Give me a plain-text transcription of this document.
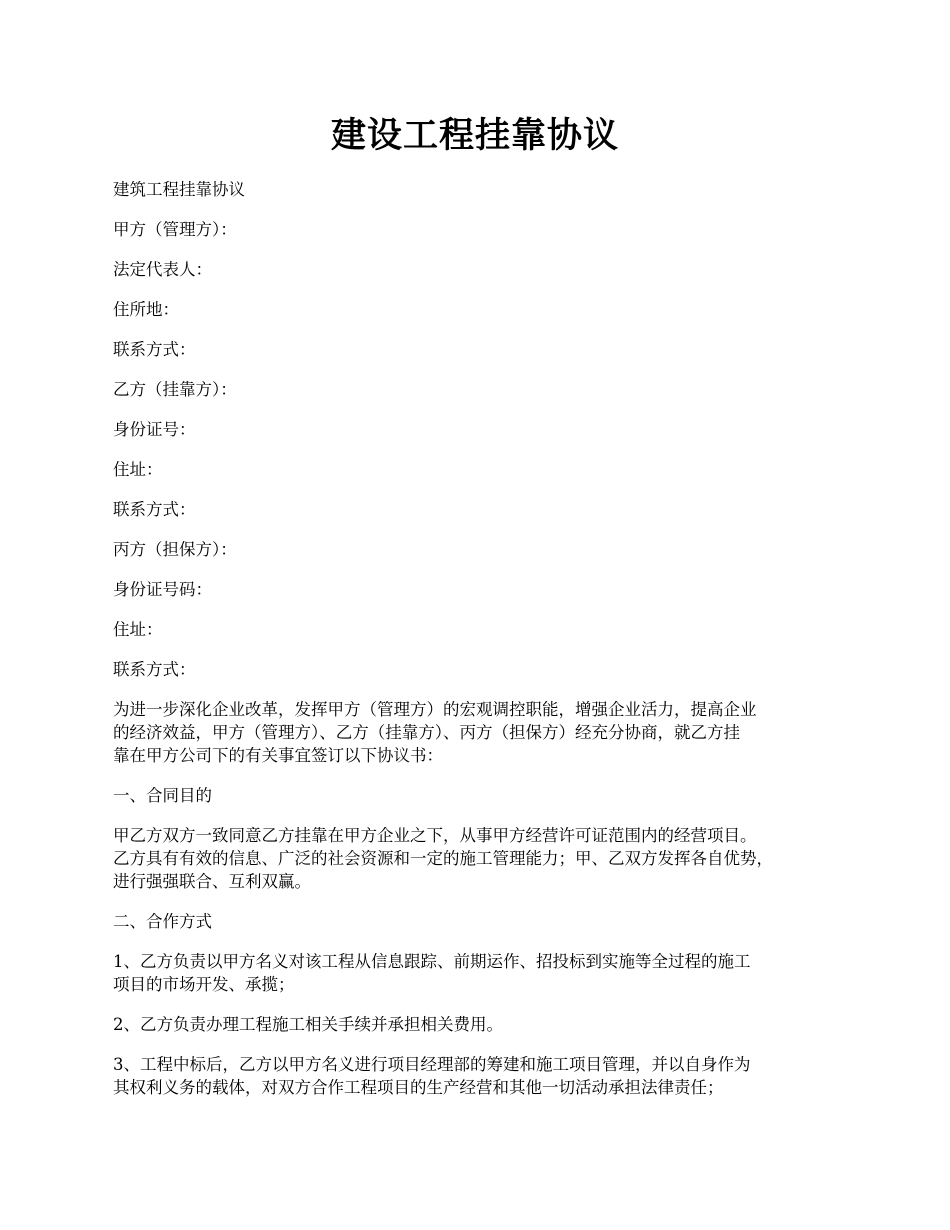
建设工程挂靠协议
建筑工程挂靠协议
甲方（管理方）：
法定代表人：
住所地：
联系方式：
乙方（挂靠方）：
身份证号：
住址：
联系方式：
丙方（担保方）：
身份证号码：
住址：
联系方式：
为进一步深化企业改革，发挥甲方（管理方）的宏观调控职能，增强企业活力，提高企业
的经济效益，甲方（管理方）、乙方（挂靠方）、丙方（担保方）经充分协商，就乙方挂
靠在甲方公司下的有关事宜签订以下协议书：
一、合同目的
甲乙方双方一致同意乙方挂靠在甲方企业之下，从事甲方经营许可证范围内的经营项目。
乙方具有有效的信息、广泛的社会资源和一定的施工管理能力；甲、乙双方发挥各自优势，
进行强强联合、互利双赢。
二、合作方式
1、乙方负责以甲方名义对该工程从信息跟踪、前期运作、招投标到实施等全过程的施工
项目的市场开发、承揽；
2、乙方负责办理工程施工相关手续并承担相关费用。
3、工程中标后，乙方以甲方名义进行项目经理部的筹建和施工项目管理，并以自身作为
其权利义务的载体，对双方合作工程项目的生产经营和其他一切活动承担法律责任；
